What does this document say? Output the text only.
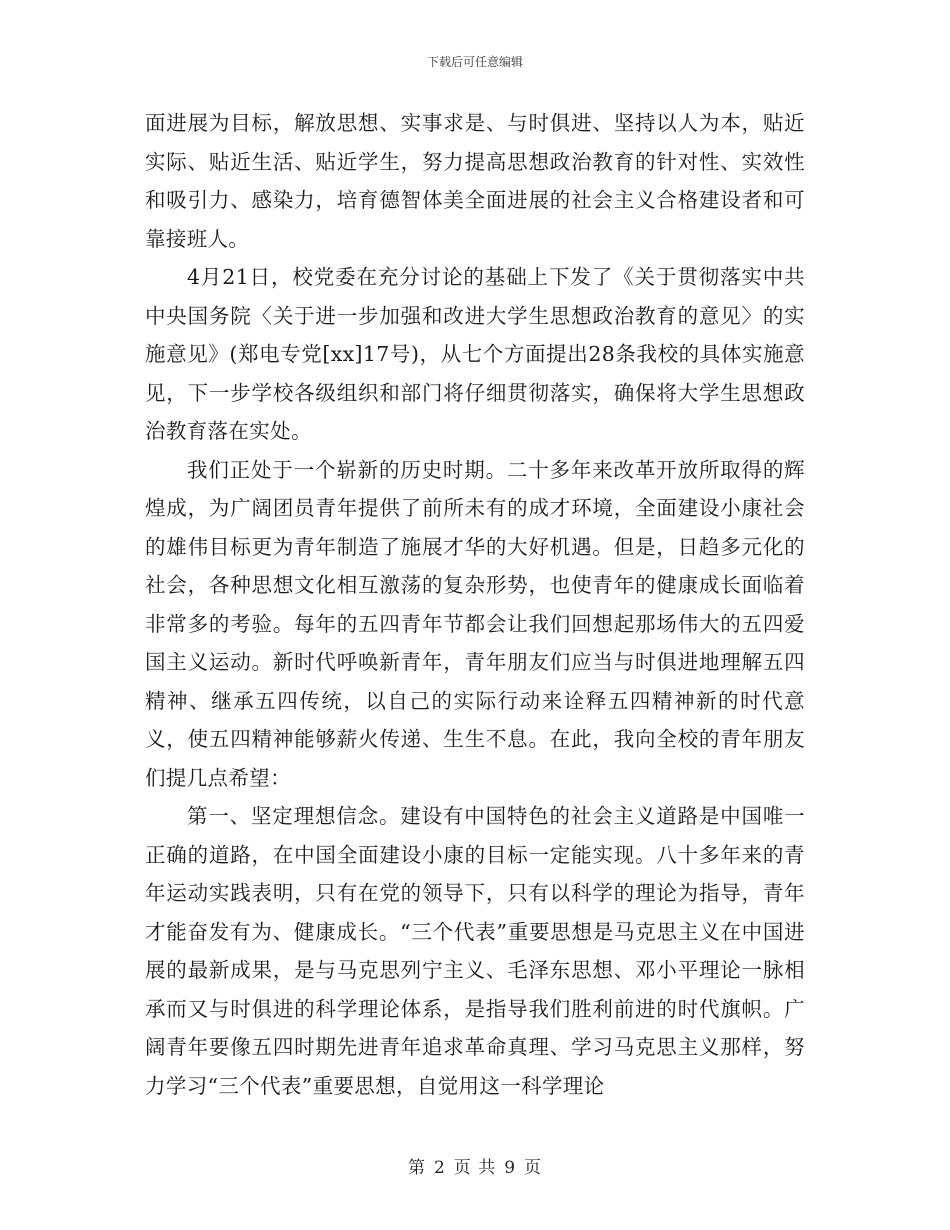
下载后可任意编辑

面进展为目标，解放思想、实事求是、与时俱进、坚持以人为本，贴近实际、贴近生活、贴近学生，努力提高思想政治教育的针对性、实效性和吸引力、感染力，培育德智体美全面进展的社会主义合格建设者和可靠接班人。

4月21日，校党委在充分讨论的基础上下发了《关于贯彻落实中共中央国务院〈关于进一步加强和改进大学生思想政治教育的意见〉的实施意见》(郑电专党[xx]17号)，从七个方面提出28条我校的具体实施意见，下一步学校各级组织和部门将仔细贯彻落实，确保将大学生思想政治教育落在实处。

我们正处于一个崭新的历史时期。二十多年来改革开放所取得的辉煌成，为广阔团员青年提供了前所未有的成才环境，全面建设小康社会的雄伟目标更为青年制造了施展才华的大好机遇。但是，日趋多元化的社会，各种思想文化相互激荡的复杂形势，也使青年的健康成长面临着非常多的考验。每年的五四青年节都会让我们回想起那场伟大的五四爱国主义运动。新时代呼唤新青年，青年朋友们应当与时俱进地理解五四精神、继承五四传统，以自己的实际行动来诠释五四精神新的时代意义，使五四精神能够薪火传递、生生不息。在此，我向全校的青年朋友们提几点希望：

第一、坚定理想信念。建设有中国特色的社会主义道路是中国唯一正确的道路，在中国全面建设小康的目标一定能实现。八十多年来的青年运动实践表明，只有在党的领导下，只有以科学的理论为指导，青年才能奋发有为、健康成长。“三个代表”重要思想是马克思主义在中国进展的最新成果，是与马克思列宁主义、毛泽东思想、邓小平理论一脉相承而又与时俱进的科学理论体系，是指导我们胜利前进的时代旗帜。广阔青年要像五四时期先进青年追求革命真理、学习马克思主义那样，努力学习“三个代表”重要思想，自觉用这一科学理论

第 2 页 共 9 页
